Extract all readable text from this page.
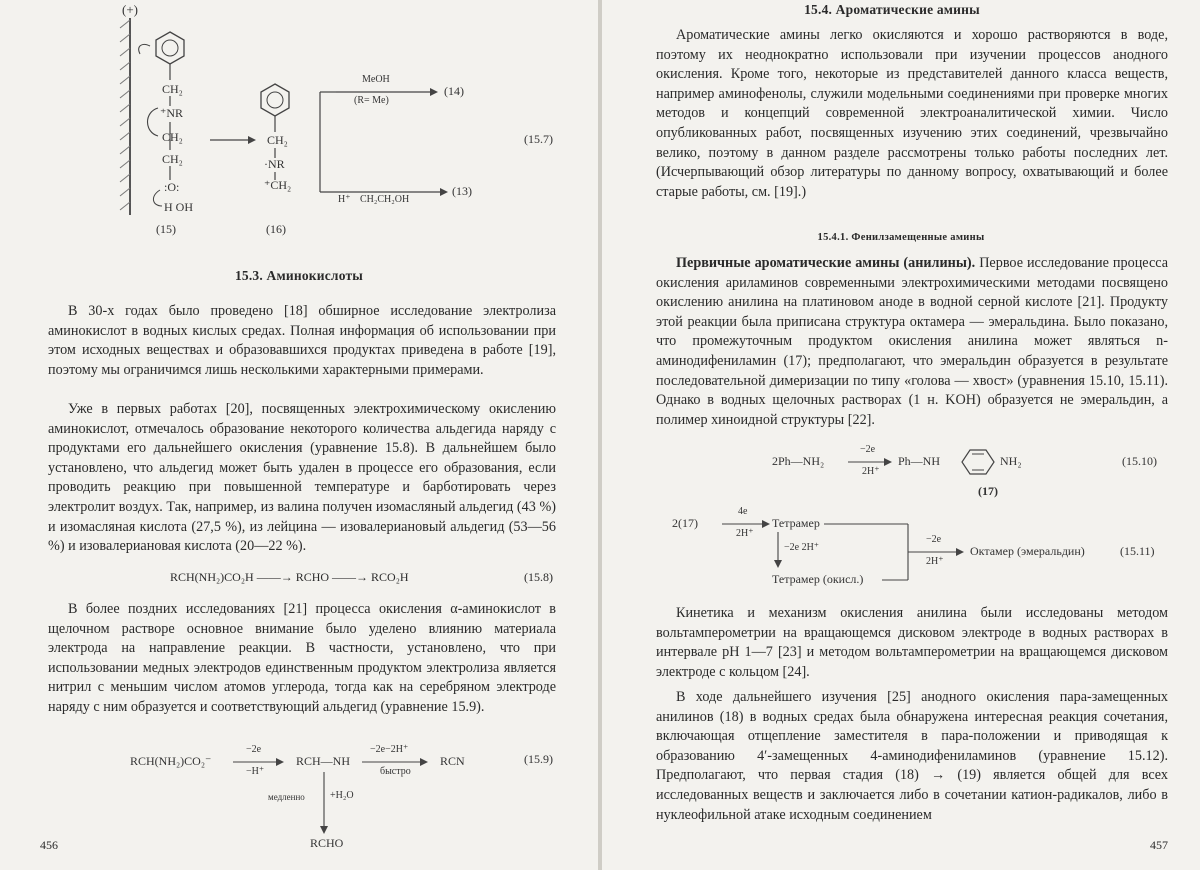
(+)
CH₂
⁺NR
CH₂
CH₂
:O:
H OH
(15)
CH₂
·NR
⁺CH₂
(16)
MeOH
(R= Me)
(14)
H⁺ CH₂CH₂OH
(13)
(15.7)
15.3. Аминокислоты
В 30-х годах было проведено [18] обширное исследование электролиза аминокислот в водных кислых средах. Полная информация об использовании при этом исходных веществах и образовавшихся продуктах приведена в работе [19], поэтому мы ограничимся лишь несколькими характерными примерами.
Уже в первых работах [20], посвященных электрохимическому окислению аминокислот, отмечалось образование некоторого количества альдегида наряду с продуктами его дальнейшего окисления (уравнение 15.8). В дальнейшем было установлено, что альдегид может быть удален в процессе его образования, если проводить реакцию при повышенной температуре и барботировать через электролит воздух. Так, например, из валина получен изомасляный альдегид (43 %) и изомасляная кислота (27,5 %), из лейцина — изовалериановый альдегид (53—56 %) и изовалериановая кислота (20—22 %).
RCH(NH₂)CO₂H ——→ RCHO ——→ RCO₂H	(15.8)
В более поздних исследованиях [21] процесса окисления α-аминокислот в щелочном растворе основное внимание было уделено влиянию материала электрода на направление реакции. В частности, установлено, что при использовании медных электродов единственным продуктом электролиза является нитрил с меньшим числом атомов углерода, тогда как на серебряном электроде наряду с ним образуется и соответствующий альдегид (уравнение 15.9).
RCH(NH₂)CO₂⁻
−2e
−H⁺
RCH—NH
−2e−2H⁺
быстро
RCN	(15.9)
медленно	+H₂O
RCHO
456
15.4. Ароматические амины
Ароматические амины легко окисляются и хорошо растворяются в воде, поэтому их неоднократно использовали при изучении процессов анодного окисления. Кроме того, некоторые из представителей данного класса веществ, например аминофенолы, служили модельными соединениями при проверке многих методов и концепций современной электроаналитической химии. Число опубликованных работ, посвященных изучению этих соединений, чрезвычайно велико, поэтому в данном разделе рассмотрены только работы последних лет. (Исчерпывающий обзор литературы по данному вопросу, охватывающий и более старые работы, см. [19].)
15.4.1. Фенилзамещенные амины
Первичные ароматические амины (анилины). Первое исследование процесса окисления ариламинов современными электрохимическими методами посвящено окислению анилина на платиновом аноде в водной серной кислоте [21]. Продукту этой реакции была приписана структура октамера — эмеральдина. Было показано, что промежуточным продуктом окисления анилина может являться n-аминодифениламин (17); предполагают, что эмеральдин образуется в результате последовательной димеризации по типу «голова — хвост» (уравнения 15.10, 15.11). Однако в водных щелочных растворах (1 н. KOH) образуется не эмеральдин, а полимер хиноидной структуры [22].
2Ph—NH₂
−2e
2H⁺
Ph—NH	NH₂
(17)
(15.10)
2(17)
4e
2H⁺
Тетрамер
−2e 2H⁺
Тетрамер (окисл.)
−2e
2H⁺
Октамер (эмеральдин)	(15.11)
Кинетика и механизм окисления анилина были исследованы методом вольтамперометрии на вращающемся дисковом электроде в водных растворах в интервале pH 1—7 [23] и методом вольтамперометрии на вращающемся дисковом электроде с кольцом [24].
В ходе дальнейшего изучения [25] анодного окисления пара-замещенных анилинов (18) в водных средах была обнаружена интересная реакция сочетания, включающая отщепление заместителя в пара-положении и приводящая к образованию 4′-замещенных 4-аминодифениламинов (уравнение 15.12). Предполагают, что первая стадия (18) → (19) является общей для всех исследованных веществ и заключается либо в сочетании катион-радикалов, либо в нуклеофильной атаке исходным соединением
457
